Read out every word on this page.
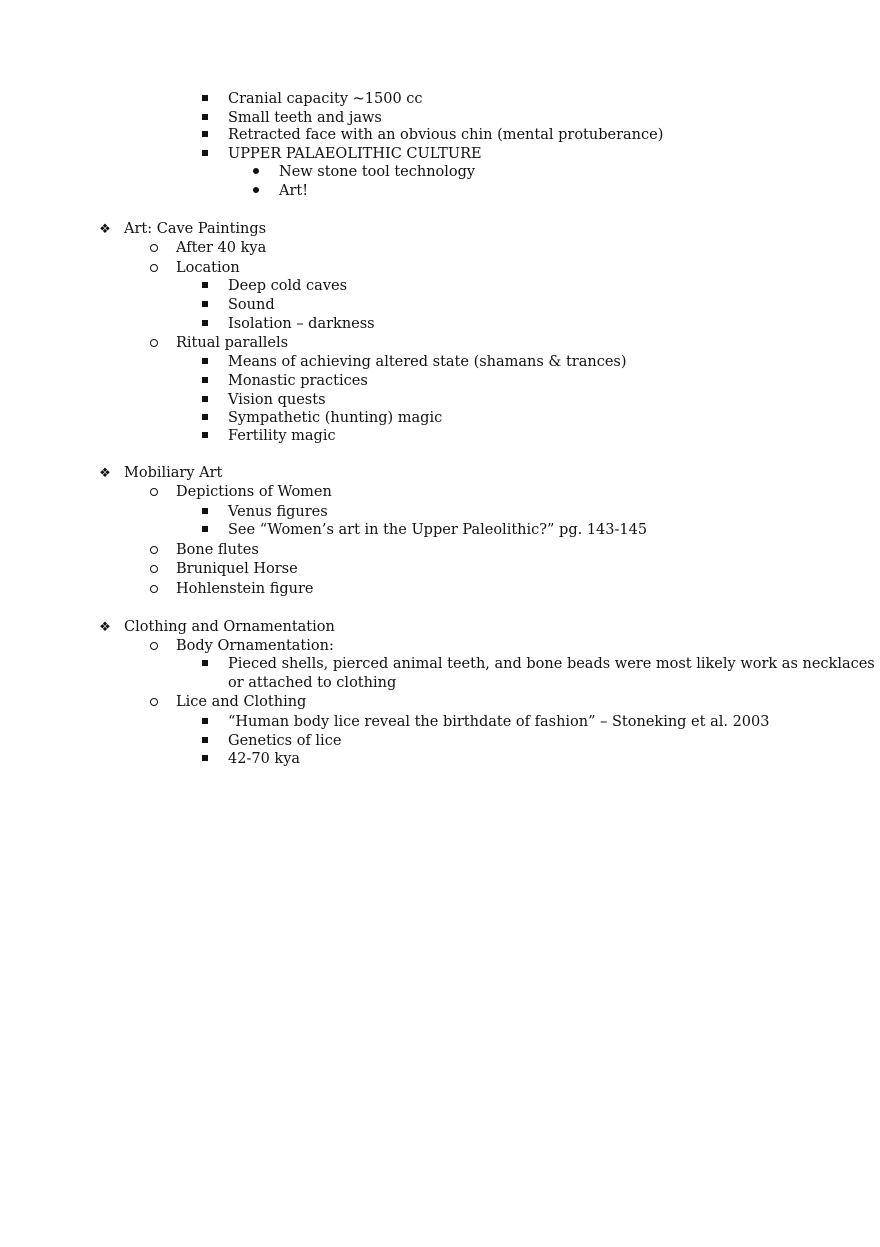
Cranial capacity ~1500 cc
Small teeth and jaws
Retracted face with an obvious chin (mental protuberance)
UPPER PALAEOLITHIC CULTURE
New stone tool technology
Art!
❖ Art: Cave Paintings
After 40 kya
Location
Deep cold caves
Sound
Isolation – darkness
Ritual parallels
Means of achieving altered state (shamans & trances)
Monastic practices
Vision quests
Sympathetic (hunting) magic
Fertility magic
❖ Mobiliary Art
Depictions of Women
Venus figures
See “Women’s art in the Upper Paleolithic?” pg. 143-145
Bone flutes
Bruniquel Horse
Hohlenstein figure
❖ Clothing and Ornamentation
Body Ornamentation:
Pieced shells, pierced animal teeth, and bone beads were most likely work as necklaces
or attached to clothing
Lice and Clothing
“Human body lice reveal the birthdate of fashion” – Stoneking et al. 2003
Genetics of lice
42-70 kya
